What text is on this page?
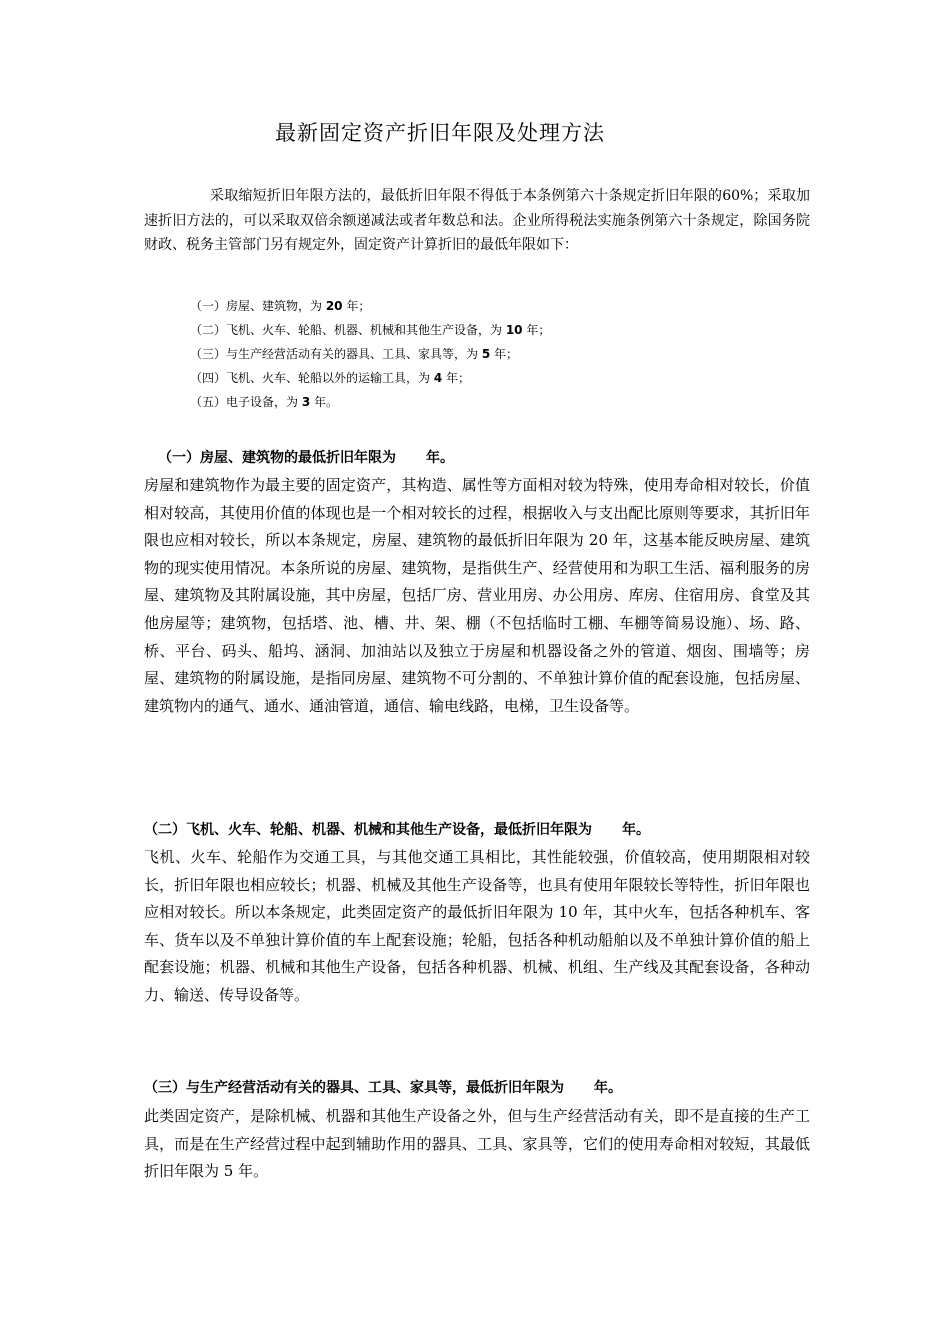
最新固定资产折旧年限及处理方法
采取缩短折旧年限方法的，最低折旧年限不得低于本条例第六十条规定折旧年限的60%；采取加速折旧方法的，可以采取双倍余额递减法或者年数总和法。企业所得税法实施条例第六十条规定，除国务院财政、税务主管部门另有规定外，固定资产计算折旧的最低年限如下：
（一）房屋、建筑物，为 20 年；
（二）飞机、火车、轮船、机器、机械和其他生产设备，为 10 年；
（三）与生产经营活动有关的器具、工具、家具等，为 5 年；
（四）飞机、火车、轮船以外的运输工具，为 4 年；
（五）电子设备，为 3 年。
（一）房屋、建筑物的最低折旧年限为 年。
房屋和建筑物作为最主要的固定资产，其构造、属性等方面相对较为特殊，使用寿命相对较长，价值相对较高，其使用价值的体现也是一个相对较长的过程，根据收入与支出配比原则等要求，其折旧年限也应相对较长，所以本条规定，房屋、建筑物的最低折旧年限为 20 年，这基本能反映房屋、建筑物的现实使用情况。本条所说的房屋、建筑物，是指供生产、经营使用和为职工生活、福利服务的房屋、建筑物及其附属设施，其中房屋，包括厂房、营业用房、办公用房、库房、住宿用房、食堂及其他房屋等；建筑物，包括塔、池、槽、井、架、棚（不包括临时工棚、车棚等简易设施）、场、路、桥、平台、码头、船坞、涵洞、加油站以及独立于房屋和机器设备之外的管道、烟囱、围墙等；房屋、建筑物的附属设施，是指同房屋、建筑物不可分割的、不单独计算价值的配套设施，包括房屋、建筑物内的通气、通水、通油管道，通信、输电线路，电梯，卫生设备等。
（二）飞机、火车、轮船、机器、机械和其他生产设备，最低折旧年限为 年。
飞机、火车、轮船作为交通工具，与其他交通工具相比，其性能较强，价值较高，使用期限相对较长，折旧年限也相应较长；机器、机械及其他生产设备等，也具有使用年限较长等特性，折旧年限也应相对较长。所以本条规定，此类固定资产的最低折旧年限为 10 年，其中火车，包括各种机车、客车、货车以及不单独计算价值的车上配套设施；轮船，包括各种机动船舶以及不单独计算价值的船上配套设施；机器、机械和其他生产设备，包括各种机器、机械、机组、生产线及其配套设备，各种动力、输送、传导设备等。
（三）与生产经营活动有关的器具、工具、家具等，最低折旧年限为 年。
此类固定资产，是除机械、机器和其他生产设备之外，但与生产经营活动有关，即不是直接的生产工具，而是在生产经营过程中起到辅助作用的器具、工具、家具等，它们的使用寿命相对较短，其最低折旧年限为 5 年。
